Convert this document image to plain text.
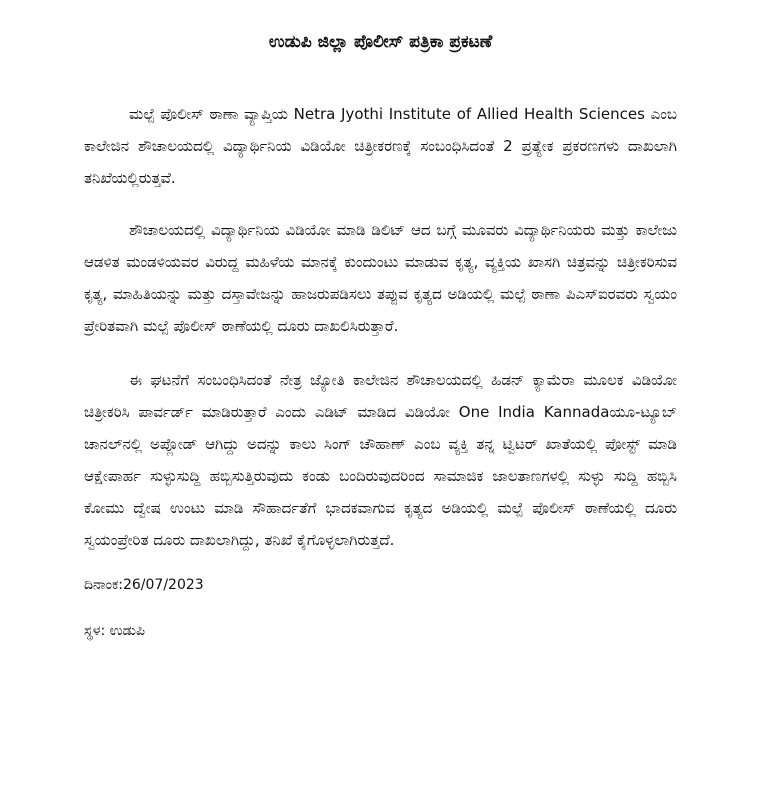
ಉಡುಪಿ ಜಿಲ್ಲಾ ಪೊಲೀಸ್ ಪತ್ರಿಕಾ ಪ್ರಕಟಣೆ

ಮಲ್ಪೆ ಪೊಲೀಸ್ ಠಾಣಾ ವ್ಯಾಪ್ತಿಯ Netra Jyothi Institute of Allied Health Sciences ಎಂಬ ಕಾಲೇಜಿನ ಶೌಚಾಲಯದಲ್ಲಿ ವಿದ್ಯಾರ್ಥಿನಿಯ ವಿಡಿಯೋ ಚಿತ್ರೀಕರಣಕ್ಕೆ ಸಂಬಂಧಿಸಿದಂತೆ 2 ಪ್ರತ್ಯೇಕ ಪ್ರಕರಣಗಳು ದಾಖಲಾಗಿ ತನಿಖೆಯಲ್ಲಿರುತ್ತವೆ.

ಶೌಚಾಲಯದಲ್ಲಿ ವಿದ್ಯಾರ್ಥಿನಿಯ ವಿಡಿಯೋ ಮಾಡಿ ಡಿಲಿಟ್ ಆದ ಬಗ್ಗೆ ಮೂವರು ವಿದ್ಯಾರ್ಥಿನಿಯರು ಮತ್ತು ಕಾಲೇಜು ಆಡಳಿತ ಮಂಡಳಿಯವರ ವಿರುದ್ದ ಮಹಿಳೆಯ ಮಾನಕ್ಕೆ ಕುಂದುಂಟು ಮಾಡುವ ಕೃತ್ಯ, ವ್ಯಕ್ತಿಯ ಖಾಸಗಿ ಚಿತ್ರವನ್ನು ಚಿತ್ರೀಕರಿಸುವ ಕೃತ್ಯ, ಮಾಹಿತಿಯನ್ನು ಮತ್ತು ದಸ್ತಾವೇಜನ್ನು ಹಾಜರುಪಡಿಸಲು ತಪ್ಪುವ ಕೃತ್ಯದ ಅಡಿಯಲ್ಲಿ ಮಲ್ಪೆ ಠಾಣಾ ಪಿಎಸ್ಐರವರು ಸ್ವಯಂ ಪ್ರೇರಿತವಾಗಿ ಮಲ್ಪೆ ಪೊಲೀಸ್ ಠಾಣೆಯಲ್ಲಿ ದೂರು ದಾಖಲಿಸಿರುತ್ತಾರೆ.

ಈ ಘಟನೆಗೆ ಸಂಬಂಧಿಸಿದಂತೆ ನೇತ್ರ ಜ್ಯೋತಿ ಕಾಲೇಜಿನ ಶೌಚಾಲಯದಲ್ಲಿ ಹಿಡನ್ ಕ್ಯಾಮೆರಾ ಮೂಲಕ ವಿಡಿಯೋ ಚಿತ್ರೀಕರಿಸಿ ಪಾರ್ವರ್ಡ್ ಮಾಡಿರುತ್ತಾರೆ ಎಂದು ಎಡಿಟ್ ಮಾಡಿದ ವಿಡಿಯೋ One India Kannadaಯೂ-ಟ್ಯೂಬ್ ಚಾನಲ್‌ನಲ್ಲಿ ಅಪ್ಲೋಡ್ ಆಗಿದ್ದು ಅದನ್ನು ಕಾಲು ಸಿಂಗ್ ಚೌಹಾಣ್ ಎಂಬ ವ್ಯಕ್ತಿ ತನ್ನ ಟ್ವಿಟರ್ ಖಾತೆಯಲ್ಲಿ ಪೋಸ್ಟ್ ಮಾಡಿ ಆಕ್ಷೇಪಾರ್ಹ ಸುಳ್ಳುಸುದ್ದಿ ಹಬ್ಬಿಸುತ್ತಿರುವುದು ಕಂಡು ಬಂದಿರುವುದರಿಂದ ಸಾಮಾಜಿಕ ಜಾಲತಾಣಗಳಲ್ಲಿ ಸುಳ್ಳು ಸುದ್ದಿ ಹಬ್ಬಿಸಿ ಕೋಮು ದ್ವೇಷ ಉಂಟು ಮಾಡಿ ಸೌಹಾರ್ದತೆಗೆ ಭಾದಕವಾಗುವ ಕೃತ್ಯದ ಅಡಿಯಲ್ಲಿ ಮಲ್ಪೆ ಪೊಲೀಸ್ ಠಾಣೆಯಲ್ಲಿ ದೂರು ಸ್ವಯಂಪ್ರೇರಿತ ದೂರು ದಾಖಲಾಗಿದ್ದು, ತನಿಖೆ ಕೈಗೊಳ್ಳಲಾಗಿರುತ್ತದೆ.

ದಿನಾಂಕ:26/07/2023

ಸ್ಥಳ: ಉಡುಪಿ
